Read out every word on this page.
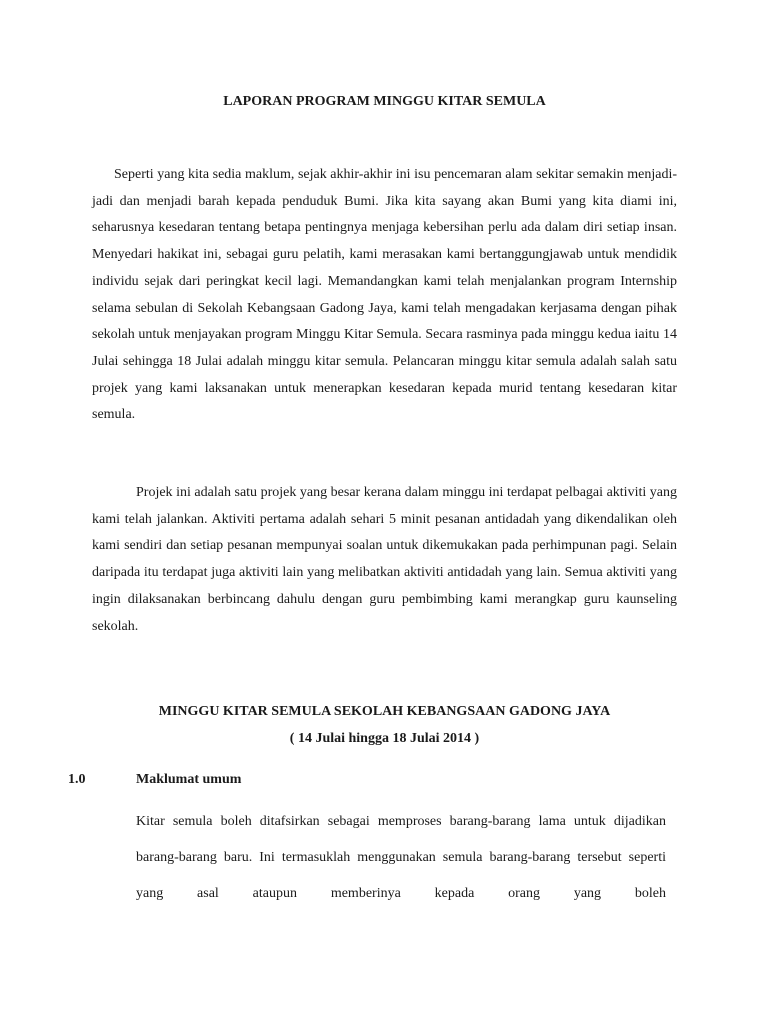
LAPORAN PROGRAM MINGGU KITAR SEMULA

Seperti yang kita sedia maklum, sejak akhir-akhir ini isu pencemaran alam sekitar semakin menjadi-jadi dan menjadi barah kepada penduduk Bumi. Jika kita sayang akan Bumi yang kita diami ini, seharusnya kesedaran tentang betapa pentingnya menjaga kebersihan perlu ada dalam diri setiap insan. Menyedari hakikat ini, sebagai guru pelatih, kami merasakan kami bertanggungjawab untuk mendidik individu sejak dari peringkat kecil lagi. Memandangkan kami telah menjalankan program Internship selama sebulan di Sekolah Kebangsaan Gadong Jaya, kami telah mengadakan kerjasama dengan pihak sekolah untuk menjayakan program Minggu Kitar Semula. Secara rasminya pada minggu kedua iaitu 14 Julai sehingga 18 Julai adalah minggu kitar semula. Pelancaran minggu kitar semula adalah salah satu projek yang kami laksanakan untuk menerapkan kesedaran kepada murid tentang kesedaran kitar semula.

Projek ini adalah satu projek yang besar kerana dalam minggu ini terdapat pelbagai aktiviti yang kami telah jalankan. Aktiviti pertama adalah sehari 5 minit pesanan antidadah yang dikendalikan oleh kami sendiri dan setiap pesanan mempunyai soalan untuk dikemukakan pada perhimpunan pagi. Selain daripada itu terdapat juga aktiviti lain yang melibatkan aktiviti antidadah yang lain. Semua aktiviti yang ingin dilaksanakan berbincang dahulu dengan guru pembimbing kami merangkap guru kaunseling sekolah.

MINGGU KITAR SEMULA SEKOLAH KEBANGSAAN GADONG JAYA
( 14 Julai hingga 18 Julai 2014 )
1.0	Maklumat umum

Kitar semula boleh ditafsirkan sebagai memproses barang-barang lama untuk dijadikan barang-barang baru. Ini termasuklah menggunakan semula barang-barang tersebut seperti yang asal ataupun memberinya kepada orang yang boleh
